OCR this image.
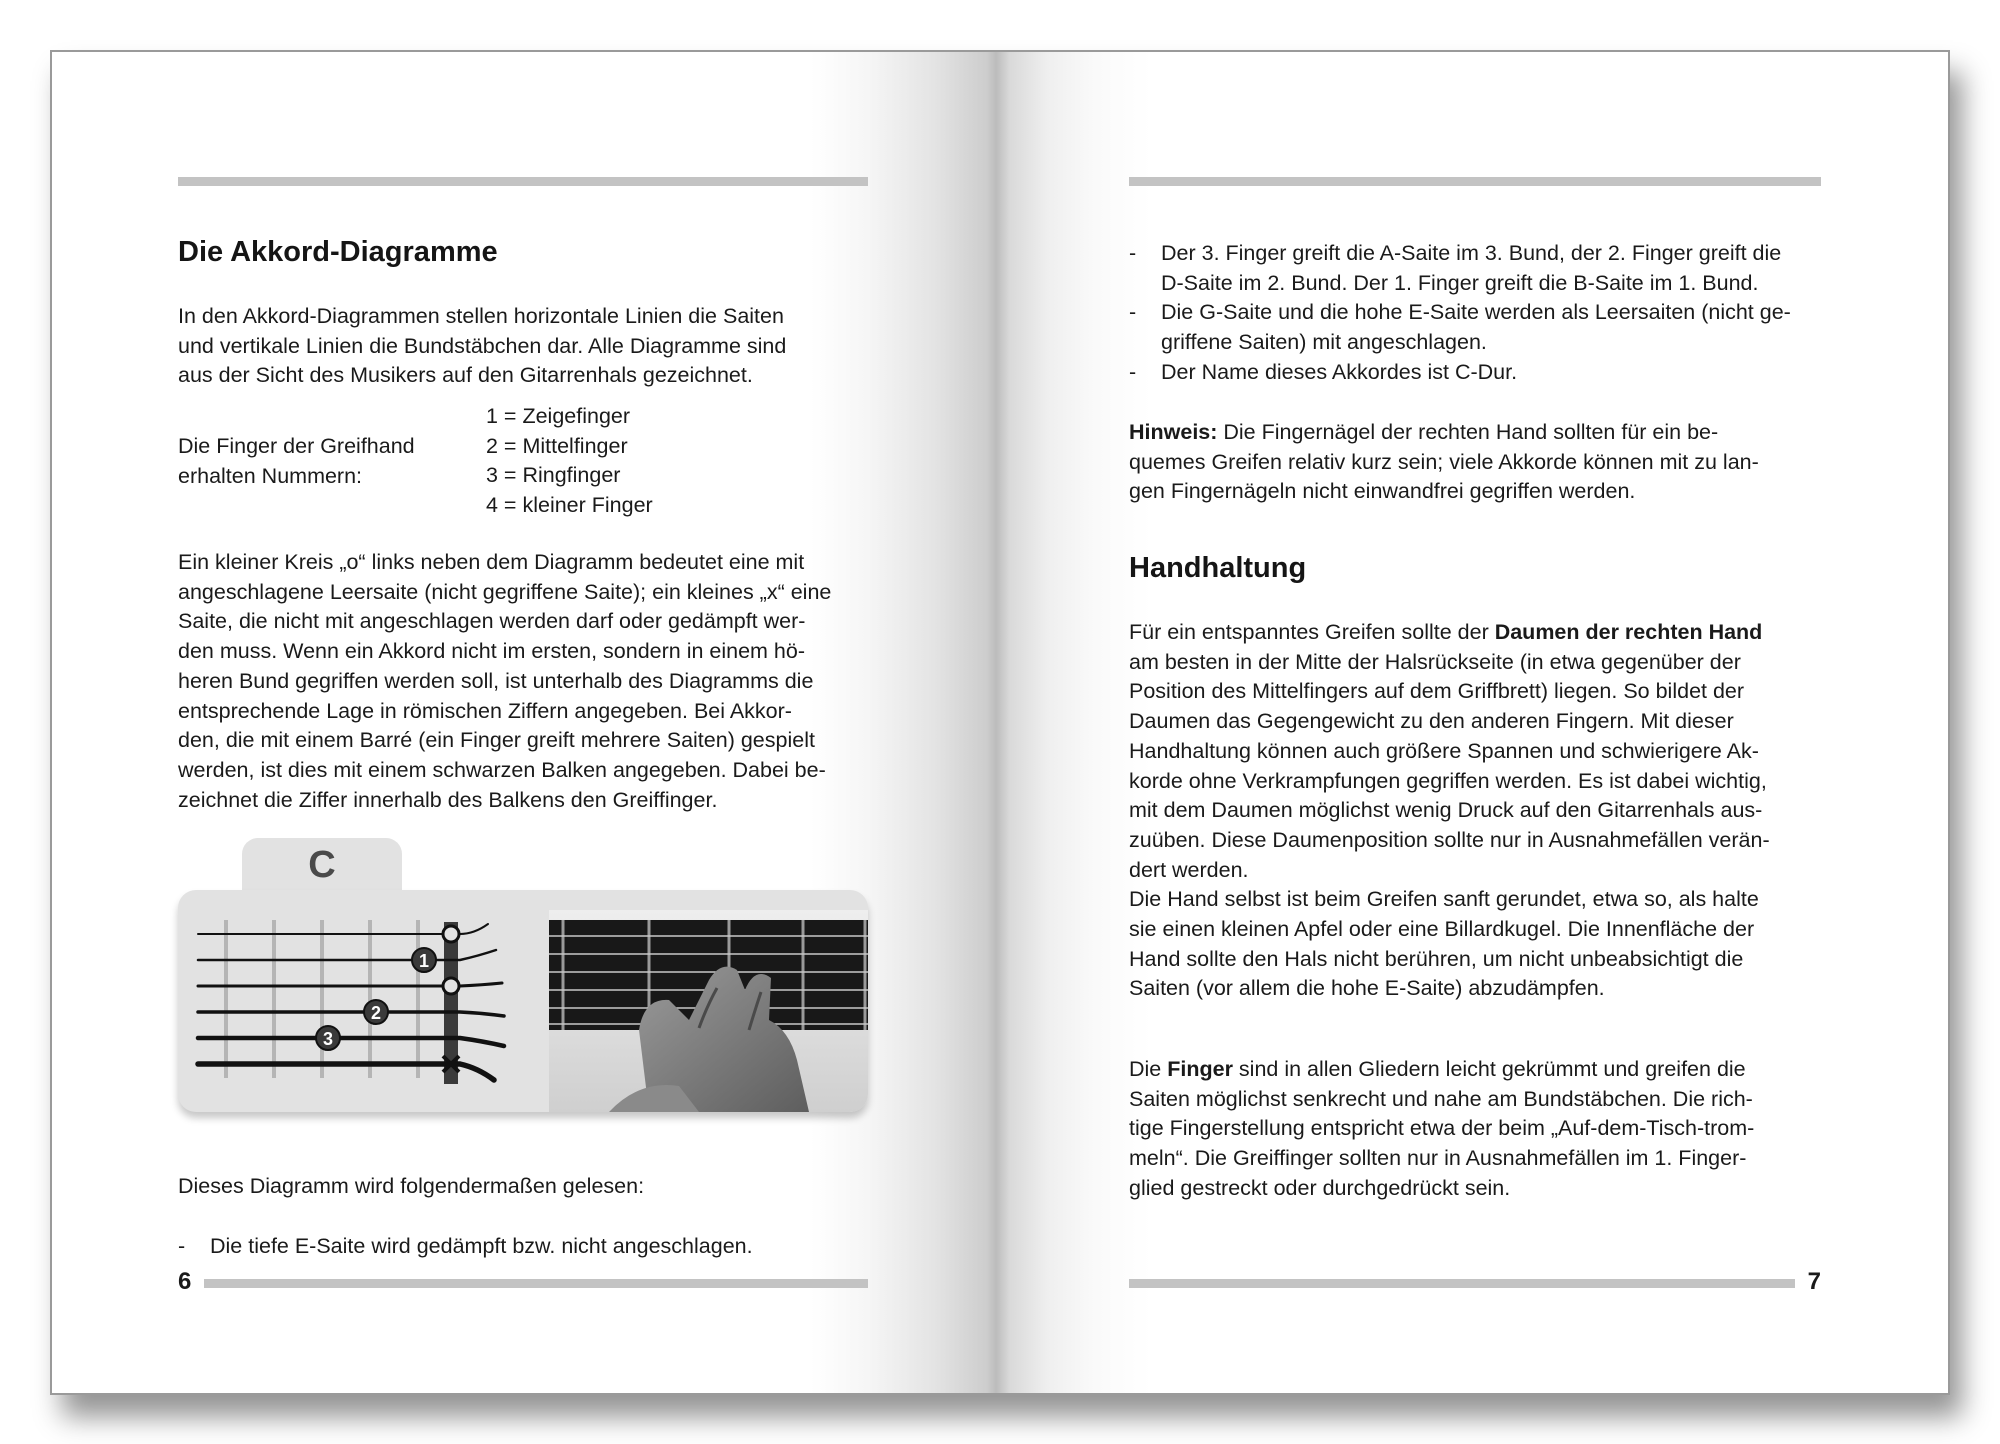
Die Akkord-Diagramme
In den Akkord-Diagrammen stellen horizontale Linien die Saiten
und vertikale Linien die Bundstäbchen dar. Alle Diagramme sind
aus der Sicht des Musikers auf den Gitarrenhals gezeichnet.
Die Finger der Greifhand
erhalten Nummern:
1 = Zeigefinger
2 = Mittelfinger
3 = Ringfinger
4 = kleiner Finger
Ein kleiner Kreis „o“ links neben dem Diagramm bedeutet eine mit
angeschlagene Leersaite (nicht gegriffene Saite); ein kleines „x“ eine
Saite, die nicht mit angeschlagen werden darf oder gedämpft wer-
den muss. Wenn ein Akkord nicht im ersten, sondern in einem hö-
heren Bund gegriffen werden soll, ist unterhalb des Diagramms die
entsprechende Lage in römischen Ziffern angegeben. Bei Akkor-
den, die mit einem Barré (ein Finger greift mehrere Saiten) gespielt
werden, ist dies mit einem schwarzen Balken angegeben. Dabei be-
zeichnet die Ziffer innerhalb des Balkens den Greiffinger.
C
1
2
3
Dieses Diagramm wird folgendermaßen gelesen:
- Die tiefe E-Saite wird gedämpft bzw. nicht angeschlagen.
6
- Der 3. Finger greift die A-Saite im 3. Bund, der 2. Finger greift die
D-Saite im 2. Bund. Der 1. Finger greift die B-Saite im 1. Bund.
- Die G-Saite und die hohe E-Saite werden als Leersaiten (nicht ge-
griffene Saiten) mit angeschlagen.
- Der Name dieses Akkordes ist C-Dur.
Hinweis: Die Fingernägel der rechten Hand sollten für ein be-
quemes Greifen relativ kurz sein; viele Akkorde können mit zu lan-
gen Fingernägeln nicht einwandfrei gegriffen werden.
Handhaltung
Für ein entspanntes Greifen sollte der Daumen der rechten Hand
am besten in der Mitte der Halsrückseite (in etwa gegenüber der
Position des Mittelfingers auf dem Griffbrett) liegen. So bildet der
Daumen das Gegengewicht zu den anderen Fingern. Mit dieser
Handhaltung können auch größere Spannen und schwierigere Ak-
korde ohne Verkrampfungen gegriffen werden. Es ist dabei wichtig,
mit dem Daumen möglichst wenig Druck auf den Gitarrenhals aus-
zuüben. Diese Daumenposition sollte nur in Ausnahmefällen verän-
dert werden.
Die Hand selbst ist beim Greifen sanft gerundet, etwa so, als halte
sie einen kleinen Apfel oder eine Billardkugel. Die Innenfläche der
Hand sollte den Hals nicht berühren, um nicht unbeabsichtigt die
Saiten (vor allem die hohe E-Saite) abzudämpfen.
Die Finger sind in allen Gliedern leicht gekrümmt und greifen die
Saiten möglichst senkrecht und nahe am Bundstäbchen. Die rich-
tige Fingerstellung entspricht etwa der beim „Auf-dem-Tisch-trom-
meln“. Die Greiffinger sollten nur in Ausnahmefällen im 1. Finger-
glied gestreckt oder durchgedrückt sein.
7
